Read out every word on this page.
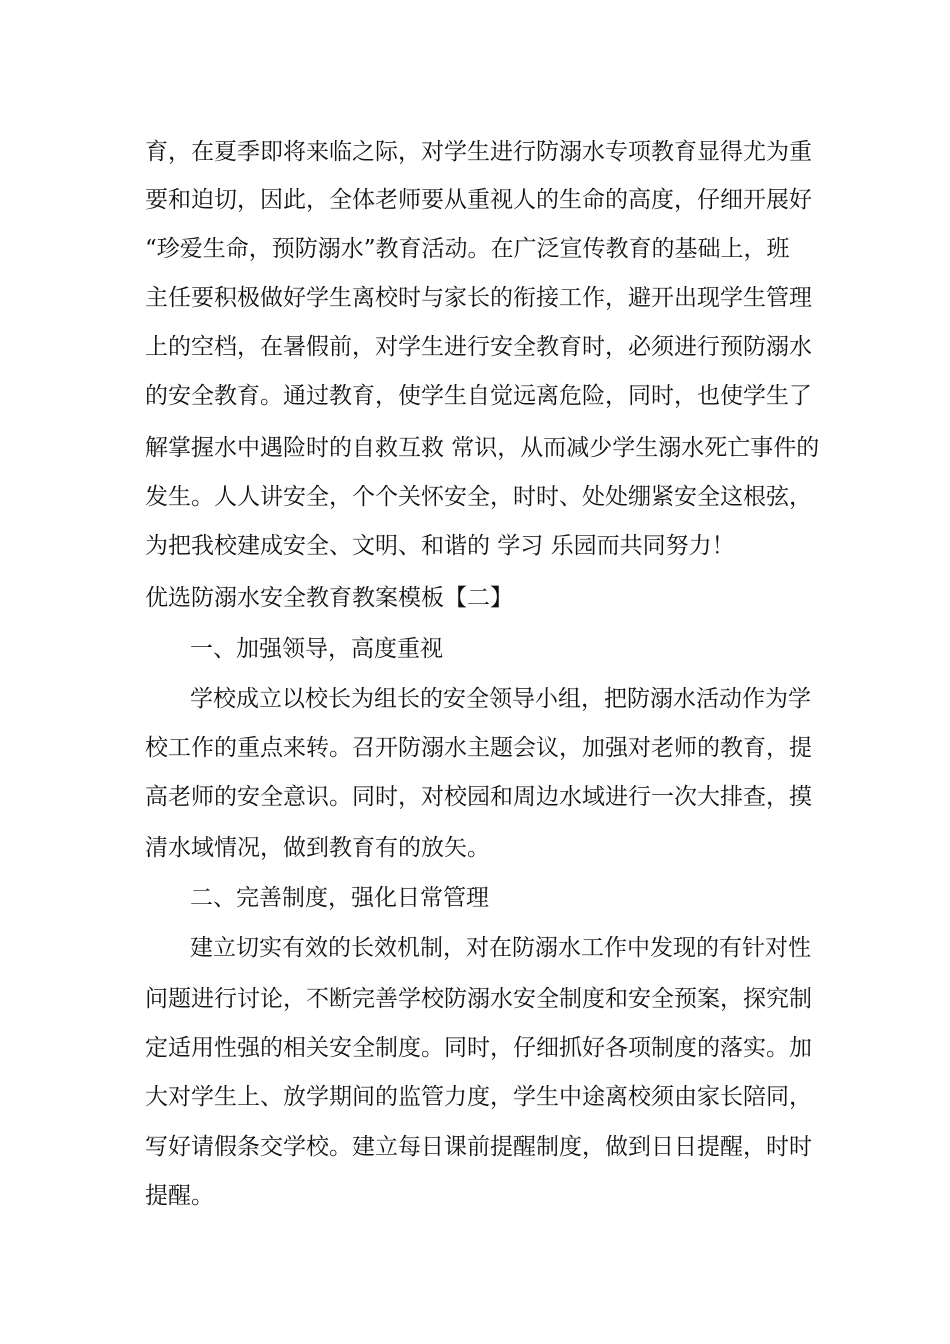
育，在夏季即将来临之际，对学生进行防溺水专项教育显得尤为重
要和迫切，因此，全体老师要从重视人的生命的高度，仔细开展好
“珍爱生命，预防溺水”教育活动。在广泛宣传教育的基础上，班
主任要积极做好学生离校时与家长的衔接工作，避开出现学生管理
上的空档，在暑假前，对学生进行安全教育时，必须进行预防溺水
的安全教育。通过教育，使学生自觉远离危险，同时，也使学生了
解掌握水中遇险时的自救互救 常识，从而减少学生溺水死亡事件的
发生。人人讲安全，个个关怀安全，时时、处处绷紧安全这根弦，
为把我校建成安全、文明、和谐的 学习 乐园而共同努力！
优选防溺水安全教育教案模板【二】
一、加强领导，高度重视
学校成立以校长为组长的安全领导小组，把防溺水活动作为学
校工作的重点来转。召开防溺水主题会议，加强对老师的教育，提
高老师的安全意识。同时，对校园和周边水域进行一次大排查，摸
清水域情况，做到教育有的放矢。
二、完善制度，强化日常管理
建立切实有效的长效机制，对在防溺水工作中发现的有针对性
问题进行讨论，不断完善学校防溺水安全制度和安全预案，探究制
定适用性强的相关安全制度。同时，仔细抓好各项制度的落实。加
大对学生上、放学期间的监管力度，学生中途离校须由家长陪同，
写好请假条交学校。建立每日课前提醒制度，做到日日提醒，时时
提醒。
